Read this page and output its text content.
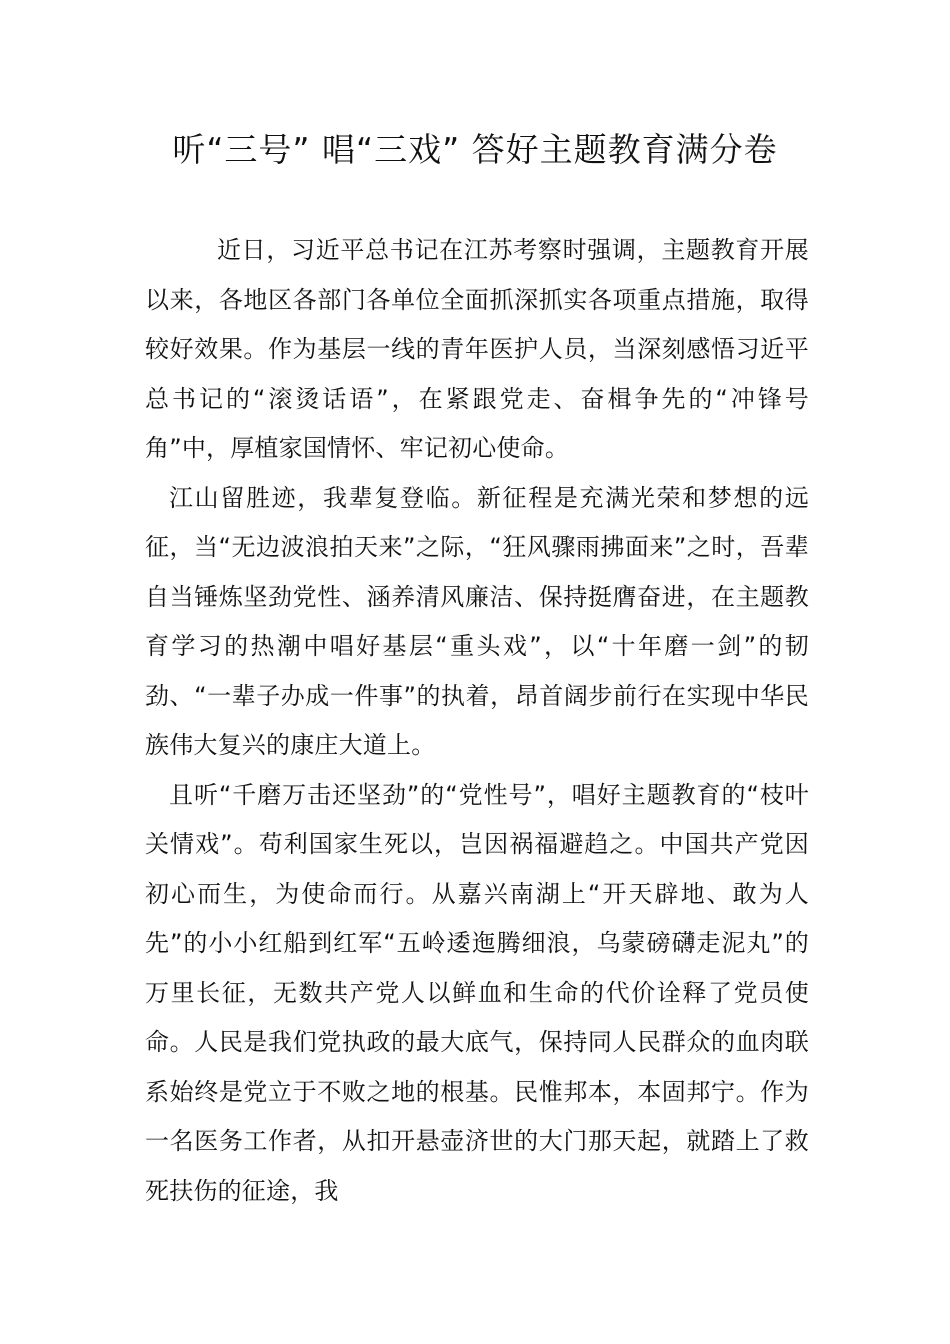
听“三号” 唱“三戏” 答好主题教育满分卷

近日，习近平总书记在江苏考察时强调，主题教育开展以来，各地区各部门各单位全面抓深抓实各项重点措施，取得较好效果。作为基层一线的青年医护人员，当深刻感悟习近平总书记的“滚烫话语”，在紧跟党走、奋楫争先的“冲锋号角”中，厚植家国情怀、牢记初心使命。

江山留胜迹，我辈复登临。新征程是充满光荣和梦想的远征，当“无边波浪拍天来”之际，“狂风骤雨拂面来”之时，吾辈自当锤炼坚劲党性、涵养清风廉洁、保持挺膺奋进，在主题教育学习的热潮中唱好基层“重头戏”，以“十年磨一剑”的韧劲、“一辈子办成一件事”的执着，昂首阔步前行在实现中华民族伟大复兴的康庄大道上。

且听“千磨万击还坚劲”的“党性号”，唱好主题教育的“枝叶关情戏”。苟利国家生死以，岂因祸福避趋之。中国共产党因初心而生，为使命而行。从嘉兴南湖上“开天辟地、敢为人先”的小小红船到红军“五岭逶迤腾细浪，乌蒙磅礴走泥丸”的万里长征，无数共产党人以鲜血和生命的代价诠释了党员使命。人民是我们党执政的最大底气，保持同人民群众的血肉联系始终是党立于不败之地的根基。民惟邦本，本固邦宁。作为一名医务工作者，从扣开悬壶济世的大门那天起，就踏上了救死扶伤的征途，我
